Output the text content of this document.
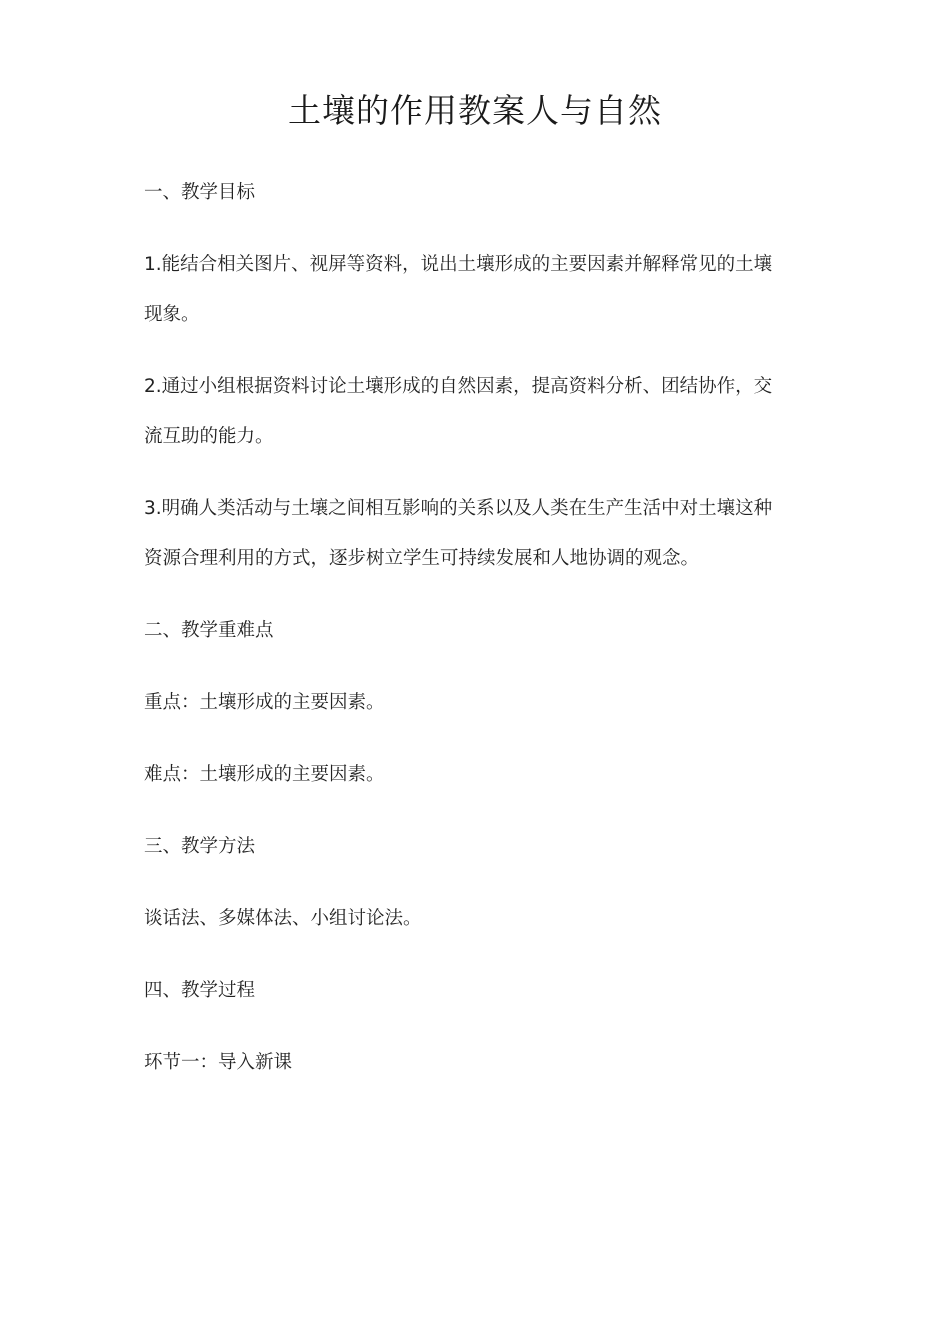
土壤的作用教案人与自然

一、教学目标

1.能结合相关图片、视屏等资料，说出土壤形成的主要因素并解释常见的土壤

现象。

2.通过小组根据资料讨论土壤形成的自然因素，提高资料分析、团结协作，交

流互助的能力。

3.明确人类活动与土壤之间相互影响的关系以及人类在生产生活中对土壤这种

资源合理利用的方式，逐步树立学生可持续发展和人地协调的观念。

二、教学重难点

重点：土壤形成的主要因素。

难点：土壤形成的主要因素。

三、教学方法

谈话法、多媒体法、小组讨论法。

四、教学过程

环节一：导入新课
